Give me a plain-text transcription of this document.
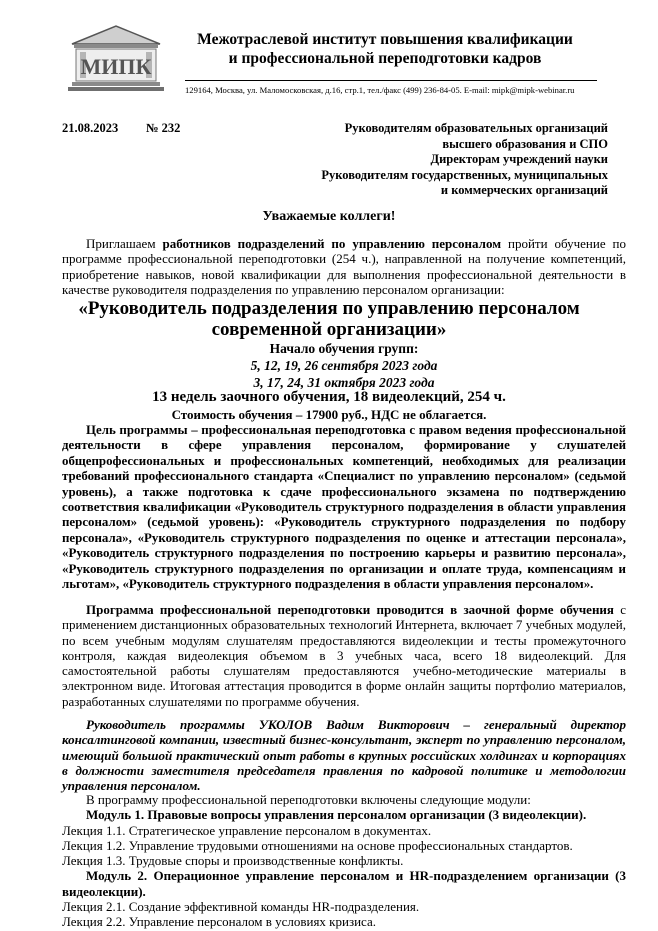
МИПК
Межотраслевой институт повышения квалификации
и профессиональной переподготовки кадров
129164, Москва, ул. Маломосковская, д.16, стр.1, тел./факс (499) 236-84-05. E-mail: mipk@mipk-webinar.ru
21.08.2023 № 232	Руководителям образовательных организаций
высшего образования и СПО
Директорам учреждений науки
Руководителям государственных, муниципальных
и коммерческих организаций
Уважаемые коллеги!

Приглашаем работников подразделений по управлению персоналом пройти обучение по программе профессиональной переподготовки (254 ч.), направленной на получение компетенций, приобретение навыков, новой квалификации для выполнения профессиональной деятельности в качестве руководителя подразделения по управлению персоналом организации:

«Руководитель подразделения по управлению персоналом
современной организации»
Начало обучения групп:
5, 12, 19, 26 сентября 2023 года
3, 17, 24, 31 октября 2023 года
13 недель заочного обучения, 18 видеолекций, 254 ч.
Стоимость обучения – 17900 руб., НДС не облагается.

Цель программы – профессиональная переподготовка с правом ведения профессиональной деятельности в сфере управления персоналом, формирование у слушателей общепрофессиональных и профессиональных компетенций, необходимых для реализации требований профессионального стандарта «Специалист по управлению персоналом» (седьмой уровень), а также подготовка к сдаче профессионального экзамена по подтверждению соответствия квалификации «Руководитель структурного подразделения в области управления персоналом» (седьмой уровень): «Руководитель структурного подразделения по подбору персонала», «Руководитель структурного подразделения по оценке и аттестации персонала», «Руководитель структурного подразделения по построению карьеры и развитию персонала», «Руководитель структурного подразделения по организации и оплате труда, компенсациям и льготам», «Руководитель структурного подразделения в области управления персоналом».

Программа профессиональной переподготовки проводится в заочной форме обучения с применением дистанционных образовательных технологий Интернета, включает 7 учебных модулей, по всем учебным модулям слушателям предоставляются видеолекции и тесты промежуточного контроля, каждая видеолекция объемом в 3 учебных часа, всего 18 видеолекций. Для самостоятельной работы слушателям предоставляются учебно-методические материалы в электронном виде. Итоговая аттестация проводится в форме онлайн защиты портфолио материалов, разработанных слушателями по программе обучения.

Руководитель программы УКОЛОВ Вадим Викторович – генеральный директор консалтинговой компании, известный бизнес-консультант, эксперт по управлению персоналом, имеющий большой практический опыт работы в крупных российских холдингах и корпорациях в должности заместителя председателя правления по кадровой политике и методологии управления персоналом.

В программу профессиональной переподготовки включены следующие модули:

Модуль 1. Правовые вопросы управления персоналом организации (3 видеолекции).

Лекция 1.1. Стратегическое управление персоналом в документах.

Лекция 1.2. Управление трудовыми отношениями на основе профессиональных стандартов.

Лекция 1.3. Трудовые споры и производственные конфликты.

Модуль 2. Операционное управление персоналом и HR-подразделением организации (3 видеолекции).

Лекция 2.1. Создание эффективной команды HR-подразделения.

Лекция 2.2. Управление персоналом в условиях кризиса.
